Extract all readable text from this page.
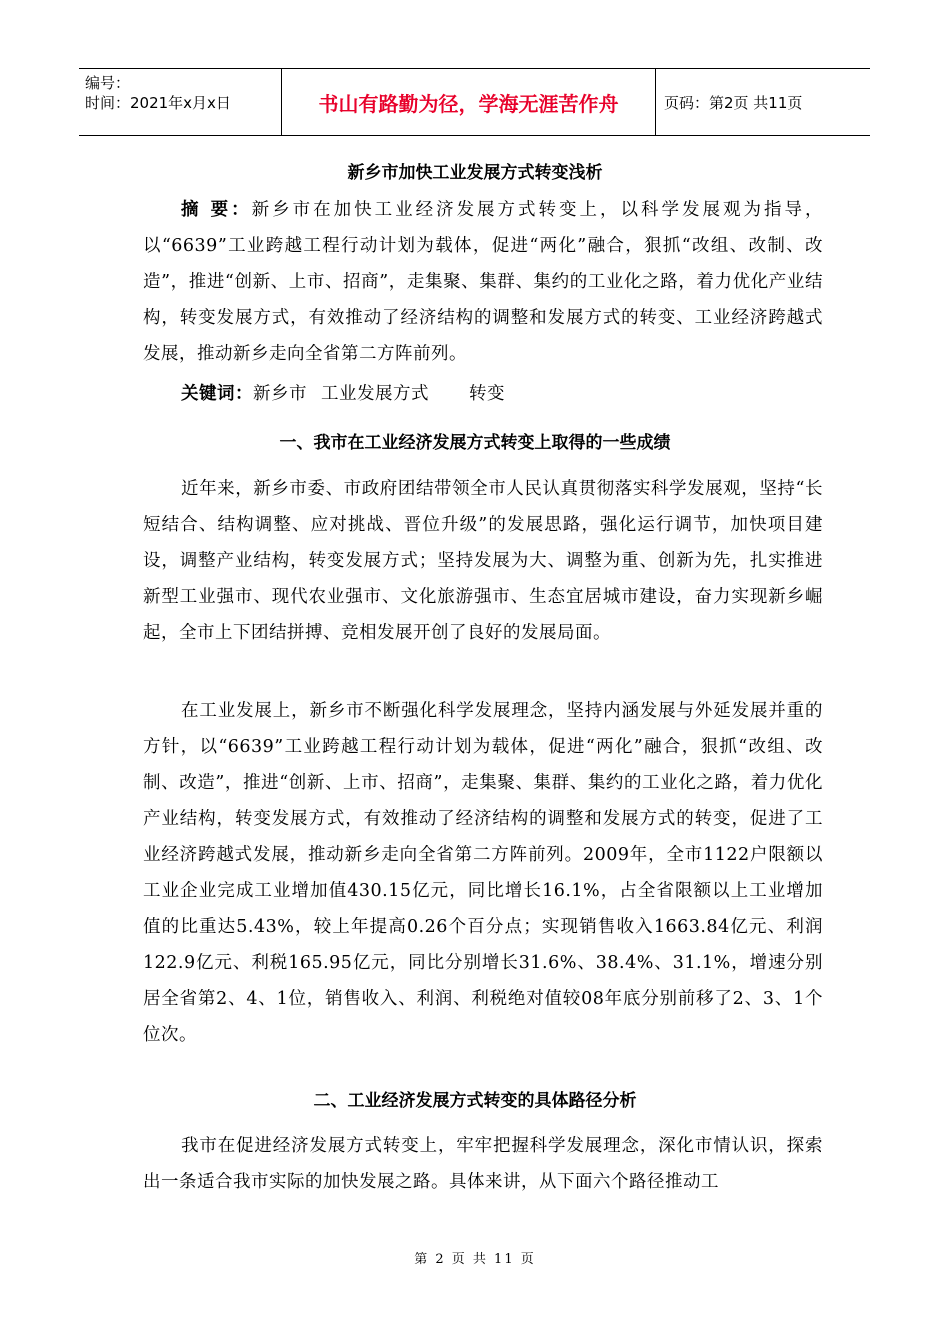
编号：
时间：2021年x月x日	书山有路勤为径，学海无涯苦作舟	页码：第2页 共11页
新乡市加快工业发展方式转变浅析
摘 要：新乡市在加快工业经济发展方式转变上，以科学发展观为指导，以“6639”工业跨越工程行动计划为载体，促进“两化”融合，狠抓“改组、改制、改造”，推进“创新、上市、招商”，走集聚、集群、集约的工业化之路，着力优化产业结构，转变发展方式，有效推动了经济结构的调整和发展方式的转变、工业经济跨越式发展，推动新乡走向全省第二方阵前列。
关键词：新乡市 工业发展方式 转变
一、我市在工业经济发展方式转变上取得的一些成绩
近年来，新乡市委、市政府团结带领全市人民认真贯彻落实科学发展观，坚持“长短结合、结构调整、应对挑战、晋位升级”的发展思路，强化运行调节，加快项目建设，调整产业结构，转变发展方式；坚持发展为大、调整为重、创新为先，扎实推进新型工业强市、现代农业强市、文化旅游强市、生态宜居城市建设，奋力实现新乡崛起，全市上下团结拼搏、竞相发展开创了良好的发展局面。
在工业发展上，新乡市不断强化科学发展理念，坚持内涵发展与外延发展并重的方针，以“6639”工业跨越工程行动计划为载体，促进“两化”融合，狠抓“改组、改制、改造”，推进“创新、上市、招商”，走集聚、集群、集约的工业化之路，着力优化产业结构，转变发展方式，有效推动了经济结构的调整和发展方式的转变，促进了工业经济跨越式发展，推动新乡走向全省第二方阵前列。2009年，全市1122户限额以工业企业完成工业增加值430.15亿元，同比增长16.1%，占全省限额以上工业增加值的比重达5.43%，较上年提高0.26个百分点；实现销售收入1663.84亿元、利润122.9亿元、利税165.95亿元，同比分别增长31.6%、38.4%、31.1%，增速分别居全省第2、4、1位，销售收入、利润、利税绝对值较08年底分别前移了2、3、1个位次。
二、工业经济发展方式转变的具体路径分析
我市在促进经济发展方式转变上，牢牢把握科学发展理念，深化市情认识，探索出一条适合我市实际的加快发展之路。具体来讲，从下面六个路径推动工
第 2 页 共 11 页
